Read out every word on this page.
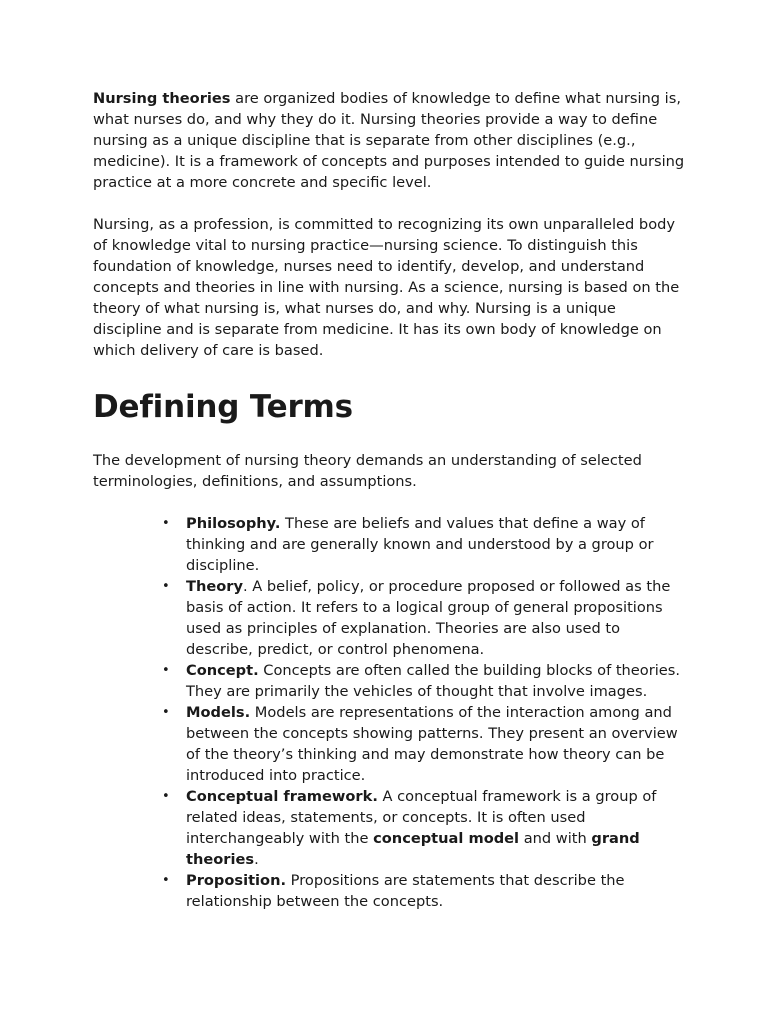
Nursing theories are organized bodies of knowledge to define what nursing is, what nurses do, and why they do it. Nursing theories provide a way to define nursing as a unique discipline that is separate from other disciplines (e.g., medicine). It is a framework of concepts and purposes intended to guide nursing practice at a more concrete and specific level.

Nursing, as a profession, is committed to recognizing its own unparalleled body of knowledge vital to nursing practice—nursing science. To distinguish this foundation of knowledge, nurses need to identify, develop, and understand concepts and theories in line with nursing. As a science, nursing is based on the theory of what nursing is, what nurses do, and why. Nursing is a unique discipline and is separate from medicine. It has its own body of knowledge on which delivery of care is based.

Defining Terms

The development of nursing theory demands an understanding of selected terminologies, definitions, and assumptions.

• Philosophy. These are beliefs and values that define a way of thinking and are generally known and understood by a group or discipline.
• Theory. A belief, policy, or procedure proposed or followed as the basis of action. It refers to a logical group of general propositions used as principles of explanation. Theories are also used to describe, predict, or control phenomena.
• Concept. Concepts are often called the building blocks of theories. They are primarily the vehicles of thought that involve images.
• Models. Models are representations of the interaction among and between the concepts showing patterns. They present an overview of the theory’s thinking and may demonstrate how theory can be introduced into practice.
• Conceptual framework. A conceptual framework is a group of related ideas, statements, or concepts. It is often used interchangeably with the conceptual model and with grand theories.
• Proposition. Propositions are statements that describe the relationship between the concepts.
